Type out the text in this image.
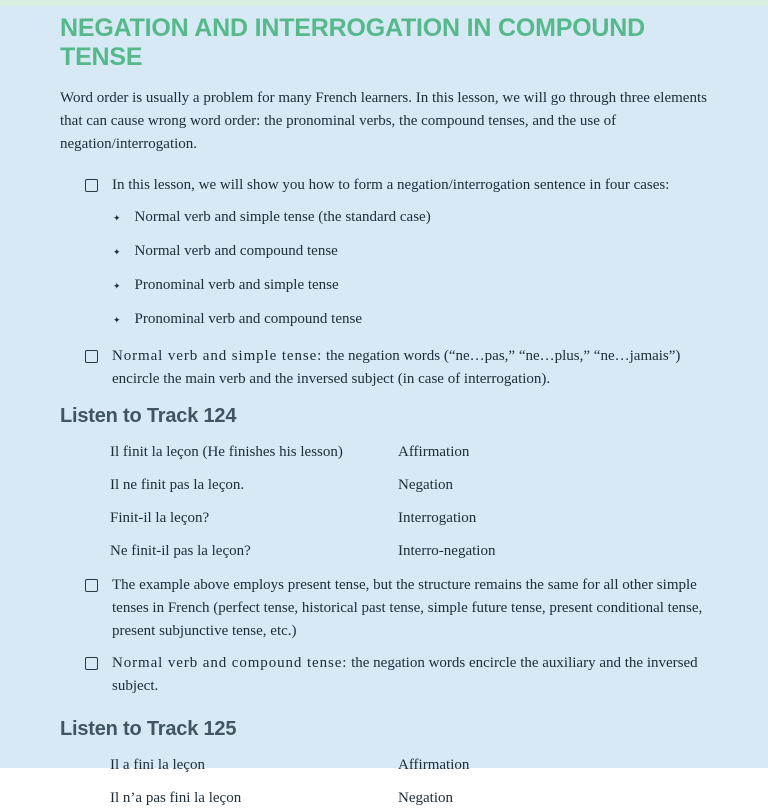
NEGATION AND INTERROGATION IN COMPOUND TENSE

Word order is usually a problem for many French learners. In this lesson, we will go through three elements that can cause wrong word order: the pronominal verbs, the compound tenses, and the use of negation/interrogation.

In this lesson, we will show you how to form a negation/interrogation sentence in four cases:
✦ Normal verb and simple tense (the standard case)
✦ Normal verb and compound tense
✦ Pronominal verb and simple tense
✦ Pronominal verb and compound tense
Normal verb and simple tense: the negation words (“ne…pas,” “ne…plus,” “ne…jamais”) encircle the main verb and the inversed subject (in case of interrogation).
Listen to Track 124
Il finit la leçon (He finishes his lesson)	Affirmation
Il ne finit pas la leçon.	Negation
Finit-il la leçon?	Interrogation
Ne finit-il pas la leçon?	Interro-negation
The example above employs present tense, but the structure remains the same for all other simple tenses in French (perfect tense, historical past tense, simple future tense, present conditional tense, present subjunctive tense, etc.)
Normal verb and compound tense: the negation words encircle the auxiliary and the inversed subject.
Listen to Track 125
Il a fini la leçon	Affirmation
Il n’a pas fini la leçon	Negation
